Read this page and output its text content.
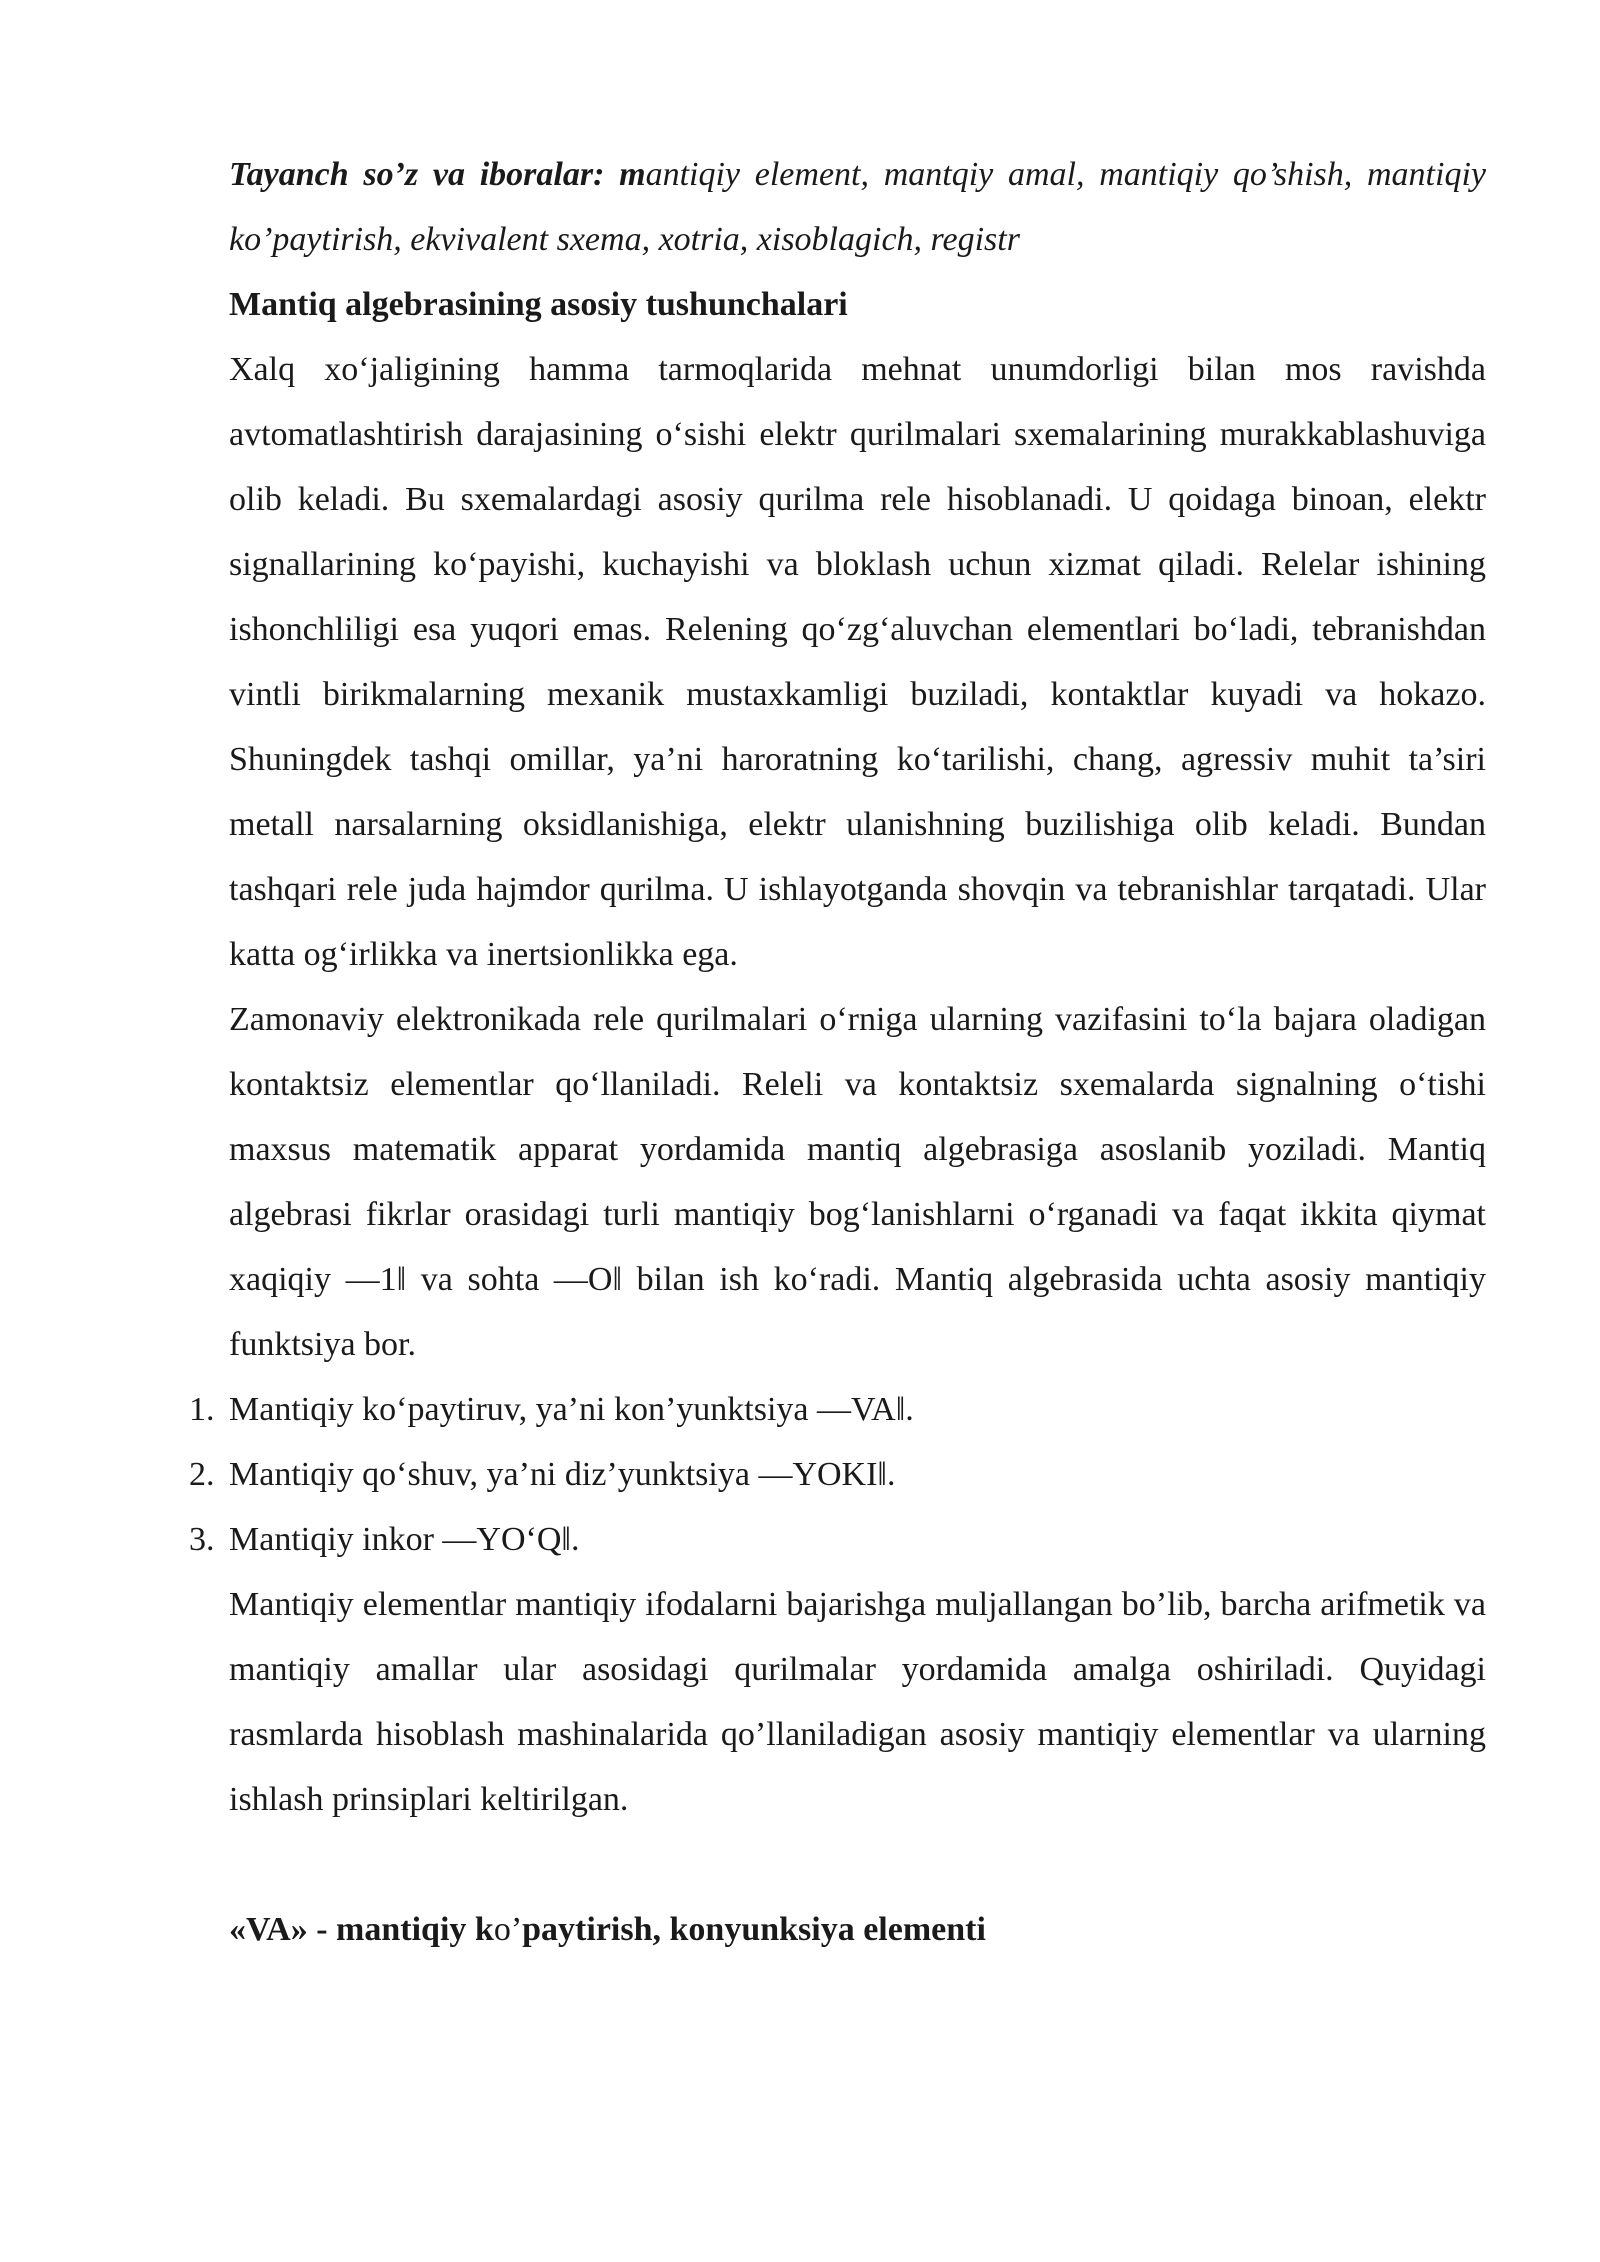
Tayanch so’z va iboralar: mantiqiy element, mantqiy amal, mantiqiy qo’shish, mantiqiy ko’paytirish, ekvivalent sxema, xotria, xisoblagich, registr

Mantiq algebrasining asosiy tushunchalari

Xalq xo‘jaligining hamma tarmoqlarida mehnat unumdorligi bilan mos ravishda avtomatlashtirish darajasining o‘sishi elektr qurilmalari sxemalarining murakkablashuviga olib keladi. Bu sxemalardagi asosiy qurilma rele hisoblanadi. U qoidaga binoan, elektr signallarining ko‘payishi, kuchayishi va bloklash uchun xizmat qiladi. Relelar ishining ishonchliligi esa yuqori emas. Relening qo‘zg‘aluvchan elementlari bo‘ladi, tebranishdan vintli birikmalarning mexanik mustaxkamligi buziladi, kontaktlar kuyadi va hokazo. Shuningdek tashqi omillar, ya’ni haroratning ko‘tarilishi, chang, agressiv muhit ta’siri metall narsalarning oksidlanishiga, elektr ulanishning buzilishiga olib keladi. Bundan tashqari rele juda hajmdor qurilma. U ishlayotganda shovqin va tebranishlar tarqatadi. Ular katta og‘irlikka va inertsionlikka ega.

Zamonaviy elektronikada rele qurilmalari o‘rniga ularning vazifasini to‘la bajara oladigan kontaktsiz elementlar qo‘llaniladi. Releli va kontaktsiz sxemalarda signalning o‘tishi maxsus matematik apparat yordamida mantiq algebrasiga asoslanib yoziladi. Mantiq algebrasi fikrlar orasidagi turli mantiqiy bog‘lanishlarni o‘rganadi va faqat ikkita qiymat xaqiqiy ―1‖ va sohta ―O‖ bilan ish ko‘radi. Mantiq algebrasida uchta asosiy mantiqiy funktsiya bor.

1. Mantiqiy ko‘paytiruv, ya’ni kon’yunktsiya ―VA‖.
2. Mantiqiy qo‘shuv, ya’ni diz’yunktsiya ―YOKI‖.
3. Mantiqiy inkor ―YO‘Q‖.

Mantiqiy elementlar mantiqiy ifodalarni bajarishga muljallangan bo’lib, barcha arifmetik va mantiqiy amallar ular asosidagi qurilmalar yordamida amalga oshiriladi. Quyidagi rasmlarda hisoblash mashinalarida qo’llaniladigan asosiy mantiqiy elementlar va ularning ishlash prinsiplari keltirilgan.

«VA» - mantiqiy ko’paytirish, konyunksiya elementi
